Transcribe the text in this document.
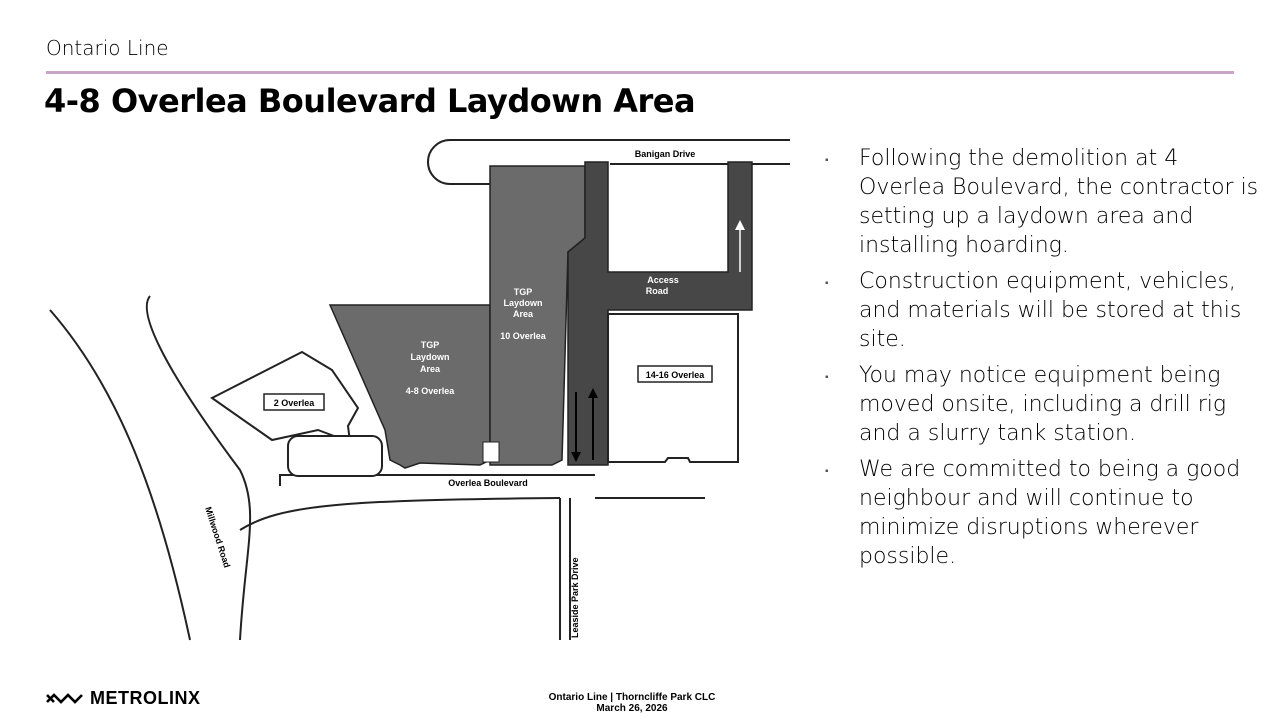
Ontario Line
4-8 Overlea Boulevard Laydown Area
Banigan Drive
Millwood Road
Overlea Boulevard
Leaside Park Drive
2 Overlea
TGP
Laydown
Area
4-8 Overlea
TGP
Laydown
Area
10 Overlea
Access
Road
14-16 Overlea
▪ Following the demolition at 4 Overlea Boulevard, the contractor is setting up a laydown area and installing hoarding.
▪ Construction equipment, vehicles, and materials will be stored at this site.
▪ You may notice equipment being moved onsite, including a drill rig and a slurry tank station.
▪ We are committed to being a good neighbour and will continue to minimize disruptions wherever possible.
METROLINX	Ontario Line | Thorncliffe Park CLC
March 26, 2026
